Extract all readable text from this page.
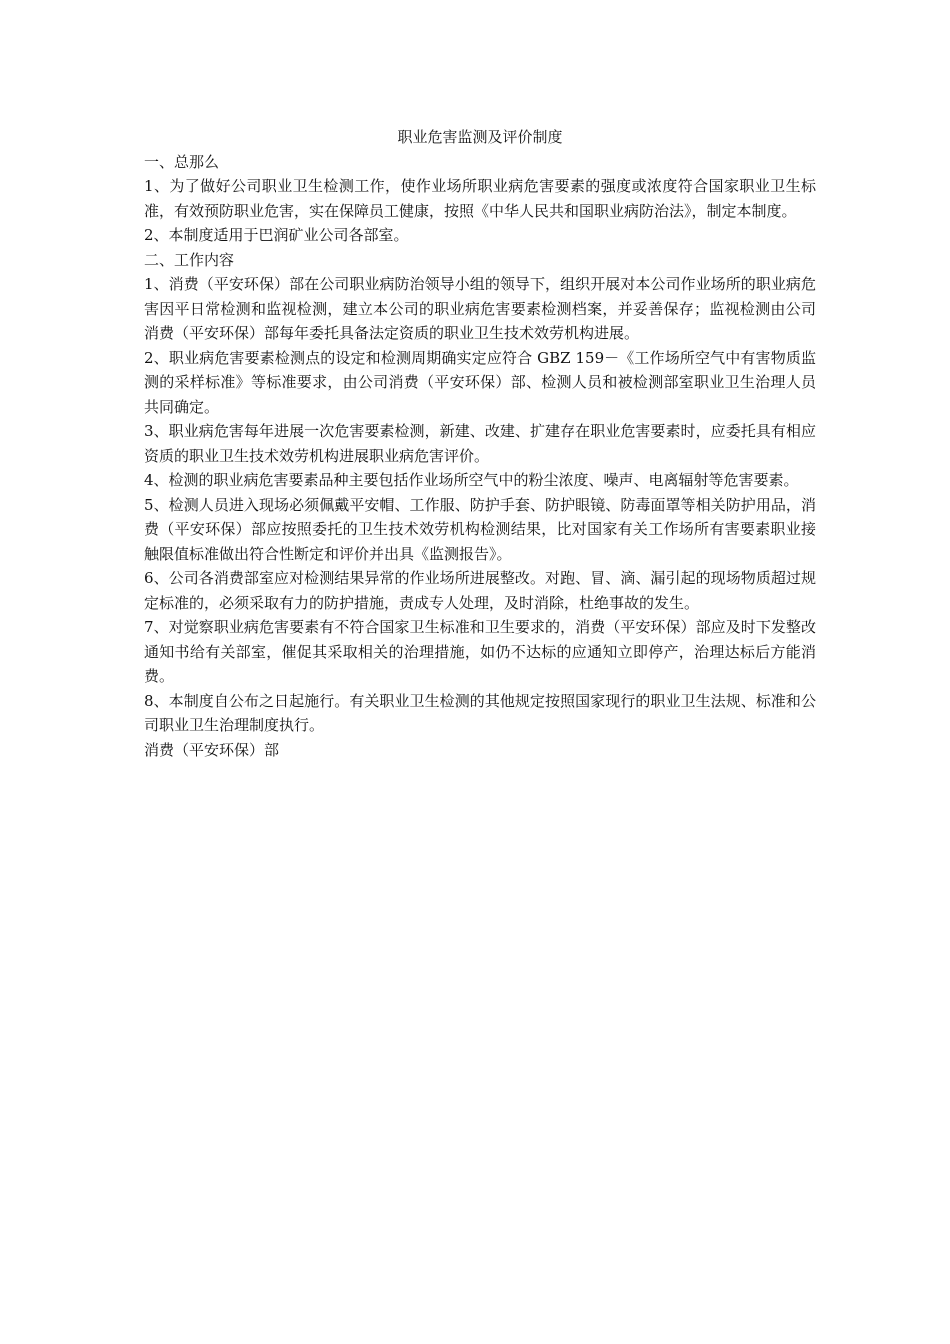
职业危害监测及评价制度

一、总那么

1、为了做好公司职业卫生检测工作，使作业场所职业病危害要素的强度或浓度符合国家职业卫生标准，有效预防职业危害，实在保障员工健康，按照《中华人民共和国职业病防治法》，制定本制度。

2、本制度适用于巴润矿业公司各部室。

二、工作内容

1、消费（平安环保）部在公司职业病防治领导小组的领导下，组织开展对本公司作业场所的职业病危害因平日常检测和监视检测，建立本公司的职业病危害要素检测档案，并妥善保存；监视检测由公司消费（平安环保）部每年委托具备法定资质的职业卫生技术效劳机构进展。

2、职业病危害要素检测点的设定和检测周期确实定应符合 GBZ 159－《工作场所空气中有害物质监测的采样标准》等标准要求，由公司消费（平安环保）部、检测人员和被检测部室职业卫生治理人员共同确定。

3、职业病危害每年进展一次危害要素检测，新建、改建、扩建存在职业危害要素时，应委托具有相应资质的职业卫生技术效劳机构进展职业病危害评价。

4、检测的职业病危害要素品种主要包括作业场所空气中的粉尘浓度、噪声、电离辐射等危害要素。

5、检测人员进入现场必须佩戴平安帽、工作服、防护手套、防护眼镜、防毒面罩等相关防护用品，消费（平安环保）部应按照委托的卫生技术效劳机构检测结果，比对国家有关工作场所有害要素职业接触限值标准做出符合性断定和评价并出具《监测报告》。

6、公司各消费部室应对检测结果异常的作业场所进展整改。对跑、冒、滴、漏引起的现场物质超过规定标准的，必须采取有力的防护措施，责成专人处理，及时消除，杜绝事故的发生。

7、对觉察职业病危害要素有不符合国家卫生标准和卫生要求的，消费（平安环保）部应及时下发整改通知书给有关部室，催促其采取相关的治理措施，如仍不达标的应通知立即停产，治理达标后方能消费。

8、本制度自公布之日起施行。有关职业卫生检测的其他规定按照国家现行的职业卫生法规、标准和公司职业卫生治理制度执行。

消费（平安环保）部
